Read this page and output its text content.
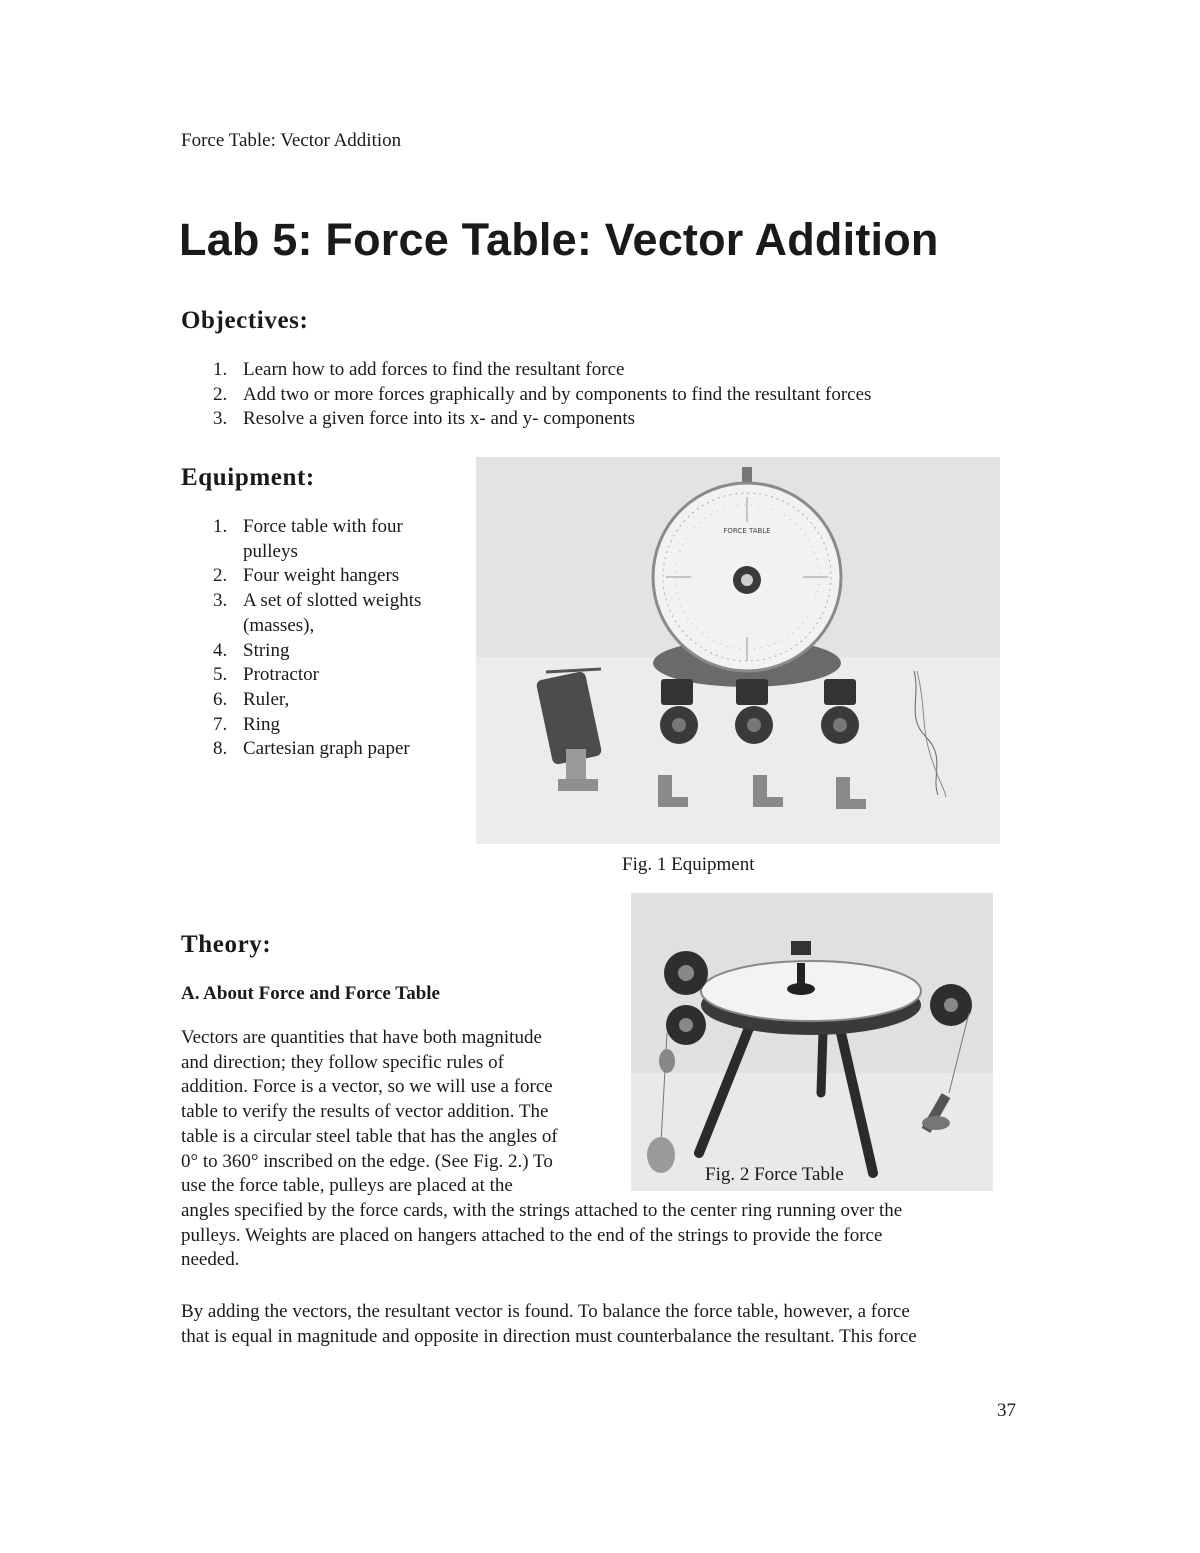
Force Table: Vector Addition
Lab 5: Force Table: Vector Addition
Objectives:
1. Learn how to add forces to find the resultant force
2. Add two or more forces graphically and by components to find the resultant forces
3. Resolve a given force into its x- and y- components
Equipment:
1. Force table with four pulleys
2. Four weight hangers
3. A set of slotted weights (masses),
4. String
5. Protractor
6. Ruler,
7. Ring
8. Cartesian graph paper
FORCE TABLE
Fig. 1 Equipment
Fig. 2 Force Table
Theory:
A. About Force and Force Table

Vectors are quantities that have both magnitude

and direction; they follow specific rules of

addition. Force is a vector, so we will use a force

table to verify the results of vector addition. The

table is a circular steel table that has the angles of

0° to 360° inscribed on the edge. (See Fig. 2.) To

use the force table, pulleys are placed at the

angles specified by the force cards, with the strings attached to the center ring running over the

pulleys. Weights are placed on hangers attached to the end of the strings to provide the force

needed.

By adding the vectors, the resultant vector is found. To balance the force table, however, a force

that is equal in magnitude and opposite in direction must counterbalance the resultant. This force

37
